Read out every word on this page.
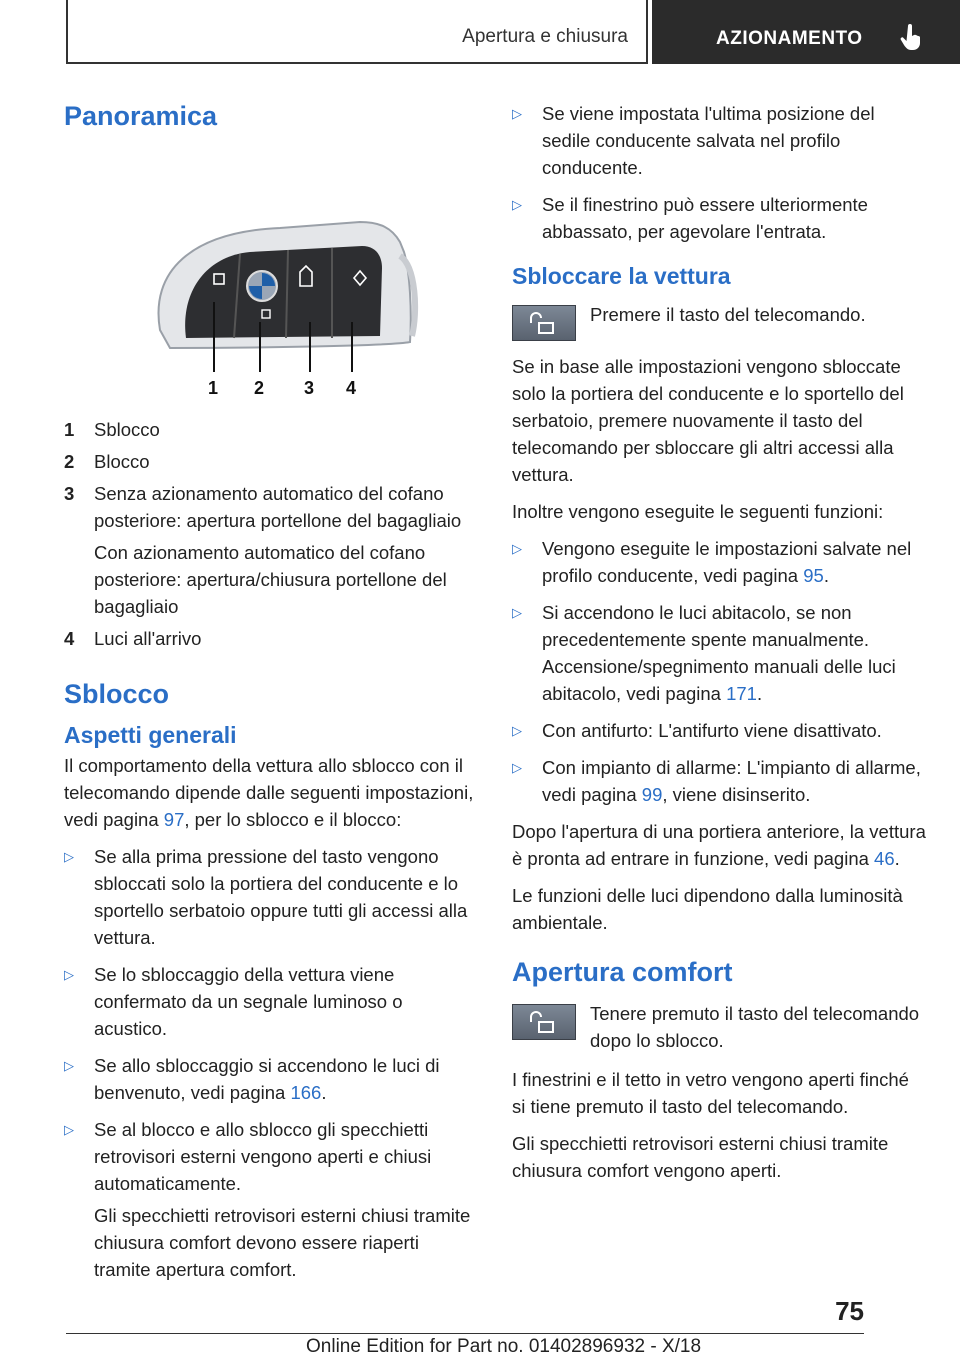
Apertura e chiusura	AZIONAMENTO
Panoramica
1 2 3 4
1	Sblocco
2	Blocco
3	Senza azionamento automatico del cofano posteriore: apertura portellone del bagagliaio
Con azionamento automatico del cofano posteriore: apertura/chiusura portellone del bagagliaio
4	Luci all'arrivo
Sblocco
Aspetti generali

Il comportamento della vettura allo sblocco con il telecomando dipende dalle seguenti impostazioni, vedi pagina 97, per lo sblocco e il blocco:

▷	Se alla prima pressione del tasto vengono sbloccati solo la portiera del conducente e lo sportello serbatoio oppure tutti gli accessi alla vettura.
▷	Se lo sbloccaggio della vettura viene confermato da un segnale luminoso o acustico.
▷	Se allo sbloccaggio si accendono le luci di benvenuto, vedi pagina 166.
▷	Se al blocco e allo sblocco gli specchietti retrovisori esterni vengono aperti e chiusi automaticamente.
Gli specchietti retrovisori esterni chiusi tramite chiusura comfort devono essere riaperti tramite apertura comfort.
▷	Se viene impostata l'ultima posizione del sedile conducente salvata nel profilo conducente.
▷	Se il finestrino può essere ulteriormente abbassato, per agevolare l'entrata.
Sbloccare la vettura
Premere il tasto del telecomando.

Se in base alle impostazioni vengono sbloccate solo la portiera del conducente e lo sportello del serbatoio, premere nuovamente il tasto del telecomando per sbloccare gli altri accessi alla vettura.

Inoltre vengono eseguite le seguenti funzioni:

▷	Vengono eseguite le impostazioni salvate nel profilo conducente, vedi pagina 95.
▷	Si accendono le luci abitacolo, se non precedentemente spente manualmente. Accensione/spegnimento manuali delle luci abitacolo, vedi pagina 171.
▷	Con antifurto: L'antifurto viene disattivato.
▷	Con impianto di allarme: L'impianto di allarme, vedi pagina 99, viene disinserito.

Dopo l'apertura di una portiera anteriore, la vettura è pronta ad entrare in funzione, vedi pagina 46.

Le funzioni delle luci dipendono dalla luminosità ambientale.

Apertura comfort
Tenere premuto il tasto del telecomando dopo lo sblocco.

I finestrini e il tetto in vetro vengono aperti finché si tiene premuto il tasto del telecomando.

Gli specchietti retrovisori esterni chiusi tramite chiusura comfort vengono aperti.

75
Online Edition for Part no. 01402896932 - X/18
